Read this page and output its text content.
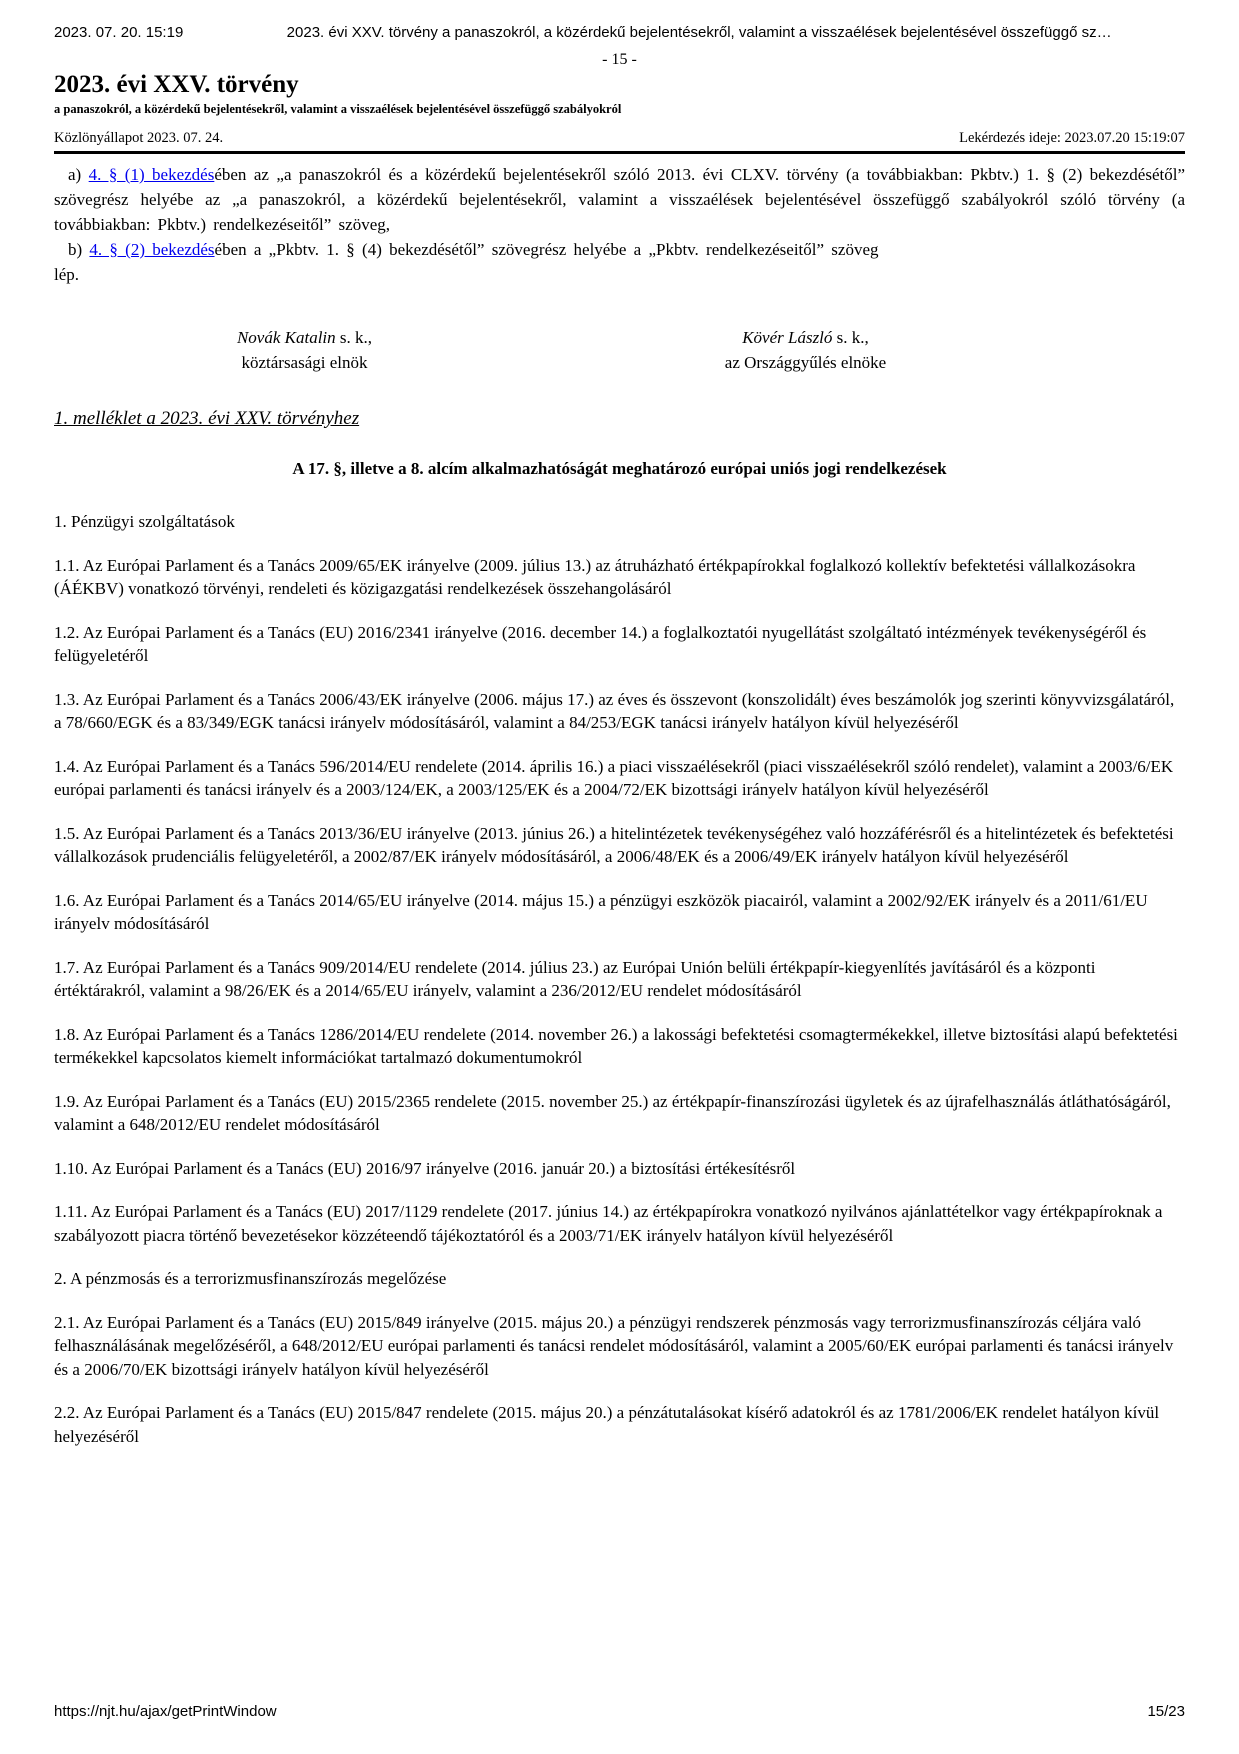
2023. 07. 20. 15:19	2023. évi XXV. törvény a panaszokról, a közérdekű bejelentésekről, valamint a visszaélések bejelentésével összefüggő sz…
- 15 -
2023. évi XXV. törvény
a panaszokról, a közérdekű bejelentésekről, valamint a visszaélések bejelentésével összefüggő szabályokról
Közlönyállapot 2023. 07. 24.	Lekérdezés ideje: 2023.07.20 15:19:07

a) 4. § (1) bekezdésében az „a panaszokról és a közérdekű bejelentésekről szóló 2013. évi CLXV. törvény (a továbbiakban: Pkbtv.) 1. § (2) bekezdésétől” szövegrész helyébe az „a panaszokról, a közérdekű bejelentésekről, valamint a visszaélések bejelentésével összefüggő szabályokról szóló törvény (a továbbiakban: Pkbtv.) rendelkezéseitől” szöveg,

b) 4. § (2) bekezdésében a „Pkbtv. 1. § (4) bekezdésétől” szövegrész helyébe a „Pkbtv. rendelkezéseitől” szöveg

lép.

Novák Katalin s. k.,
köztársasági elnök
Kövér László s. k.,
az Országgyűlés elnöke
1. melléklet a 2023. évi XXV. törvényhez
A 17. §, illetve a 8. alcím alkalmazhatóságát meghatározó európai uniós jogi rendelkezések

1. Pénzügyi szolgáltatások

1.1. Az Európai Parlament és a Tanács 2009/65/EK irányelve (2009. július 13.) az átruházható értékpapírokkal foglalkozó kollektív befektetési vállalkozásokra (ÁÉKBV) vonatkozó törvényi, rendeleti és közigazgatási rendelkezések összehangolásáról

1.2. Az Európai Parlament és a Tanács (EU) 2016/2341 irányelve (2016. december 14.) a foglalkoztatói nyugellátást szolgáltató intézmények tevékenységéről és felügyeletéről

1.3. Az Európai Parlament és a Tanács 2006/43/EK irányelve (2006. május 17.) az éves és összevont (konszolidált) éves beszámolók jog szerinti könyvvizsgálatáról, a 78/660/EGK és a 83/349/EGK tanácsi irányelv módosításáról, valamint a 84/253/EGK tanácsi irányelv hatályon kívül helyezéséről

1.4. Az Európai Parlament és a Tanács 596/2014/EU rendelete (2014. április 16.) a piaci visszaélésekről (piaci visszaélésekről szóló rendelet), valamint a 2003/6/EK európai parlamenti és tanácsi irányelv és a 2003/124/EK, a 2003/125/EK és a 2004/72/EK bizottsági irányelv hatályon kívül helyezéséről

1.5. Az Európai Parlament és a Tanács 2013/36/EU irányelve (2013. június 26.) a hitelintézetek tevékenységéhez való hozzáférésről és a hitelintézetek és befektetési vállalkozások prudenciális felügyeletéről, a 2002/87/EK irányelv módosításáról, a 2006/48/EK és a 2006/49/EK irányelv hatályon kívül helyezéséről

1.6. Az Európai Parlament és a Tanács 2014/65/EU irányelve (2014. május 15.) a pénzügyi eszközök piacairól, valamint a 2002/92/EK irányelv és a 2011/61/EU irányelv módosításáról

1.7. Az Európai Parlament és a Tanács 909/2014/EU rendelete (2014. július 23.) az Európai Unión belüli értékpapír-kiegyenlítés javításáról és a központi értéktárakról, valamint a 98/26/EK és a 2014/65/EU irányelv, valamint a 236/2012/EU rendelet módosításáról

1.8. Az Európai Parlament és a Tanács 1286/2014/EU rendelete (2014. november 26.) a lakossági befektetési csomagtermékekkel, illetve biztosítási alapú befektetési termékekkel kapcsolatos kiemelt információkat tartalmazó dokumentumokról

1.9. Az Európai Parlament és a Tanács (EU) 2015/2365 rendelete (2015. november 25.) az értékpapír-finanszírozási ügyletek és az újrafelhasználás átláthatóságáról, valamint a 648/2012/EU rendelet módosításáról

1.10. Az Európai Parlament és a Tanács (EU) 2016/97 irányelve (2016. január 20.) a biztosítási értékesítésről

1.11. Az Európai Parlament és a Tanács (EU) 2017/1129 rendelete (2017. június 14.) az értékpapírokra vonatkozó nyilvános ajánlattételkor vagy értékpapíroknak a szabályozott piacra történő bevezetésekor közzéteendő tájékoztatóról és a 2003/71/EK irányelv hatályon kívül helyezéséről

2. A pénzmosás és a terrorizmusfinanszírozás megelőzése

2.1. Az Európai Parlament és a Tanács (EU) 2015/849 irányelve (2015. május 20.) a pénzügyi rendszerek pénzmosás vagy terrorizmusfinanszírozás céljára való felhasználásának megelőzéséről, a 648/2012/EU európai parlamenti és tanácsi rendelet módosításáról, valamint a 2005/60/EK európai parlamenti és tanácsi irányelv és a 2006/70/EK bizottsági irányelv hatályon kívül helyezéséről

2.2. Az Európai Parlament és a Tanács (EU) 2015/847 rendelete (2015. május 20.) a pénzátutalásokat kísérő adatokról és az 1781/2006/EK rendelet hatályon kívül helyezéséről

https://njt.hu/ajax/getPrintWindow	15/23
